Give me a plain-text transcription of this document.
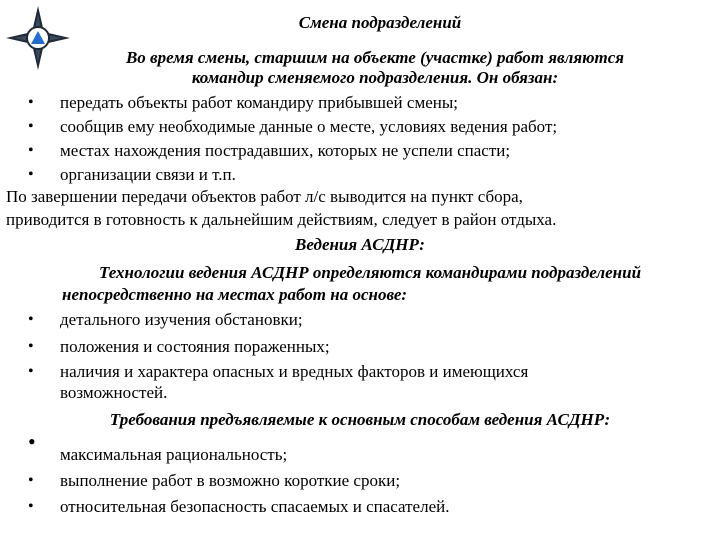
Смена подразделений
Во время смены, старшим на объекте (участке) работ являются
командир сменяемого подразделения. Он обязан:
• передать объекты работ командиру прибывшей смены;
• сообщив ему необходимые данные о месте, условиях ведения работ;
• местах нахождения пострадавших, которых не успели спасти;
• организации связи и т.п.
По завершении передачи объектов работ л/с выводится на пункт сбора,
приводится в готовность к дальнейшим действиям, следует в район отдыха.
Ведения АСДНР:
Технологии ведения АСДНР определяются командирами подразделений
непосредственно на местах работ на основе:
• детального изучения обстановки;
• положения и состояния пораженных;
• наличия и характера опасных и вредных факторов и имеющихся
возможностей.
Требования предъявляемые к основным способам ведения АСДНР:
•
максимальная рациональность;
• выполнение работ в возможно короткие сроки;
• относительная безопасность спасаемых и спасателей.
